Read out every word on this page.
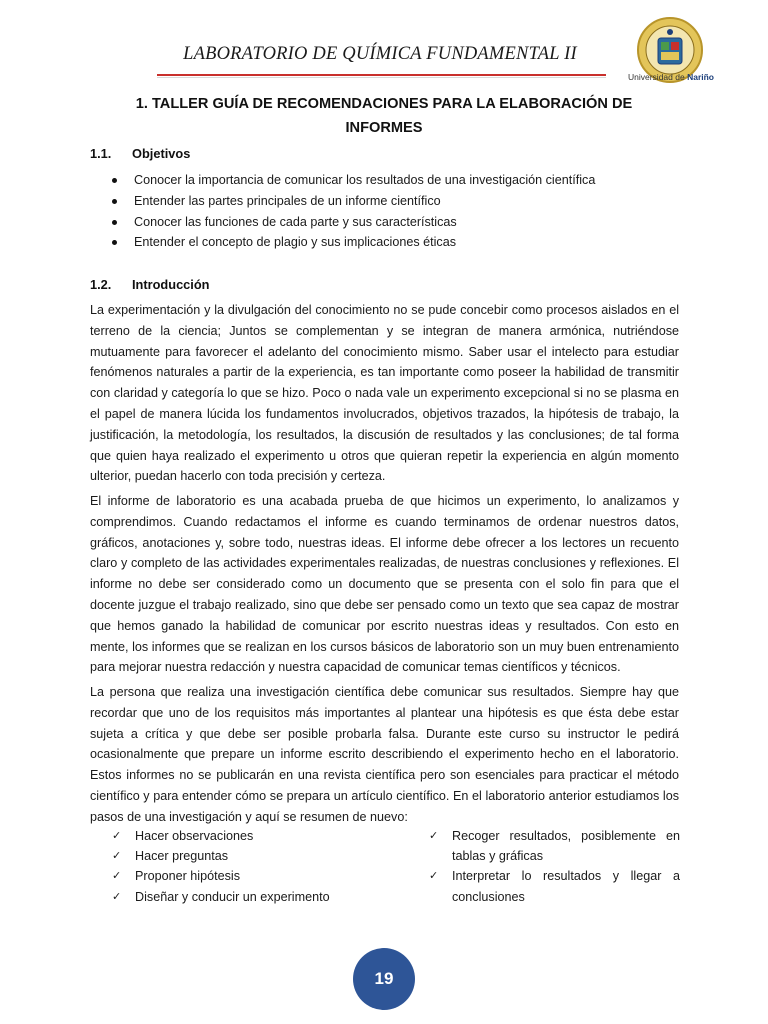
LABORATORIO DE QUÍMICA FUNDAMENTAL II
Universidad de Nariño
1. TALLER GUÍA DE RECOMENDACIONES PARA LA ELABORACIÓN DE INFORMES
1.1. Objetivos
Conocer la importancia de comunicar los resultados de una investigación científica
Entender las partes principales de un informe científico
Conocer las funciones de cada parte y sus características
Entender el concepto de plagio y sus implicaciones éticas
1.2. Introducción

La experimentación y la divulgación del conocimiento no se pude concebir como procesos aislados en el terreno de la ciencia; Juntos se complementan y se integran de manera armónica, nutriéndose mutuamente para favorecer el adelanto del conocimiento mismo. Saber usar el intelecto para estudiar fenómenos naturales a partir de la experiencia, es tan importante como poseer la habilidad de transmitir con claridad y categoría lo que se hizo. Poco o nada vale un experimento excepcional si no se plasma en el papel de manera lúcida los fundamentos involucrados, objetivos trazados, la hipótesis de trabajo, la justificación, la metodología, los resultados, la discusión de resultados y las conclusiones; de tal forma que quien haya realizado el experimento u otros que quieran repetir la experiencia en algún momento ulterior, puedan hacerlo con toda precisión y certeza.

El informe de laboratorio es una acabada prueba de que hicimos un experimento, lo analizamos y comprendimos. Cuando redactamos el informe es cuando terminamos de ordenar nuestros datos, gráficos, anotaciones y, sobre todo, nuestras ideas. El informe debe ofrecer a los lectores un recuento claro y completo de las actividades experimentales realizadas, de nuestras conclusiones y reflexiones. El informe no debe ser considerado como un documento que se presenta con el solo fin para que el docente juzgue el trabajo realizado, sino que debe ser pensado como un texto que sea capaz de mostrar que hemos ganado la habilidad de comunicar por escrito nuestras ideas y resultados. Con esto en mente, los informes que se realizan en los cursos básicos de laboratorio son un muy buen entrenamiento para mejorar nuestra redacción y nuestra capacidad de comunicar temas científicos y técnicos.

La persona que realiza una investigación científica debe comunicar sus resultados. Siempre hay que recordar que uno de los requisitos más importantes al plantear una hipótesis es que ésta debe estar sujeta a crítica y que debe ser posible probarla falsa. Durante este curso su instructor le pedirá ocasionalmente que prepare un informe escrito describiendo el experimento hecho en el laboratorio. Estos informes no se publicarán en una revista científica pero son esenciales para practicar el método científico y para entender cómo se prepara un artículo científico. En el laboratorio anterior estudiamos los pasos de una investigación y aquí se resumen de nuevo:

✓ Hacer observaciones
✓ Hacer preguntas
✓ Proponer hipótesis
✓ Diseñar y conducir un experimento
✓ Recoger resultados, posiblemente en tablas y gráficas
✓ Interpretar lo resultados y llegar a conclusiones
19
